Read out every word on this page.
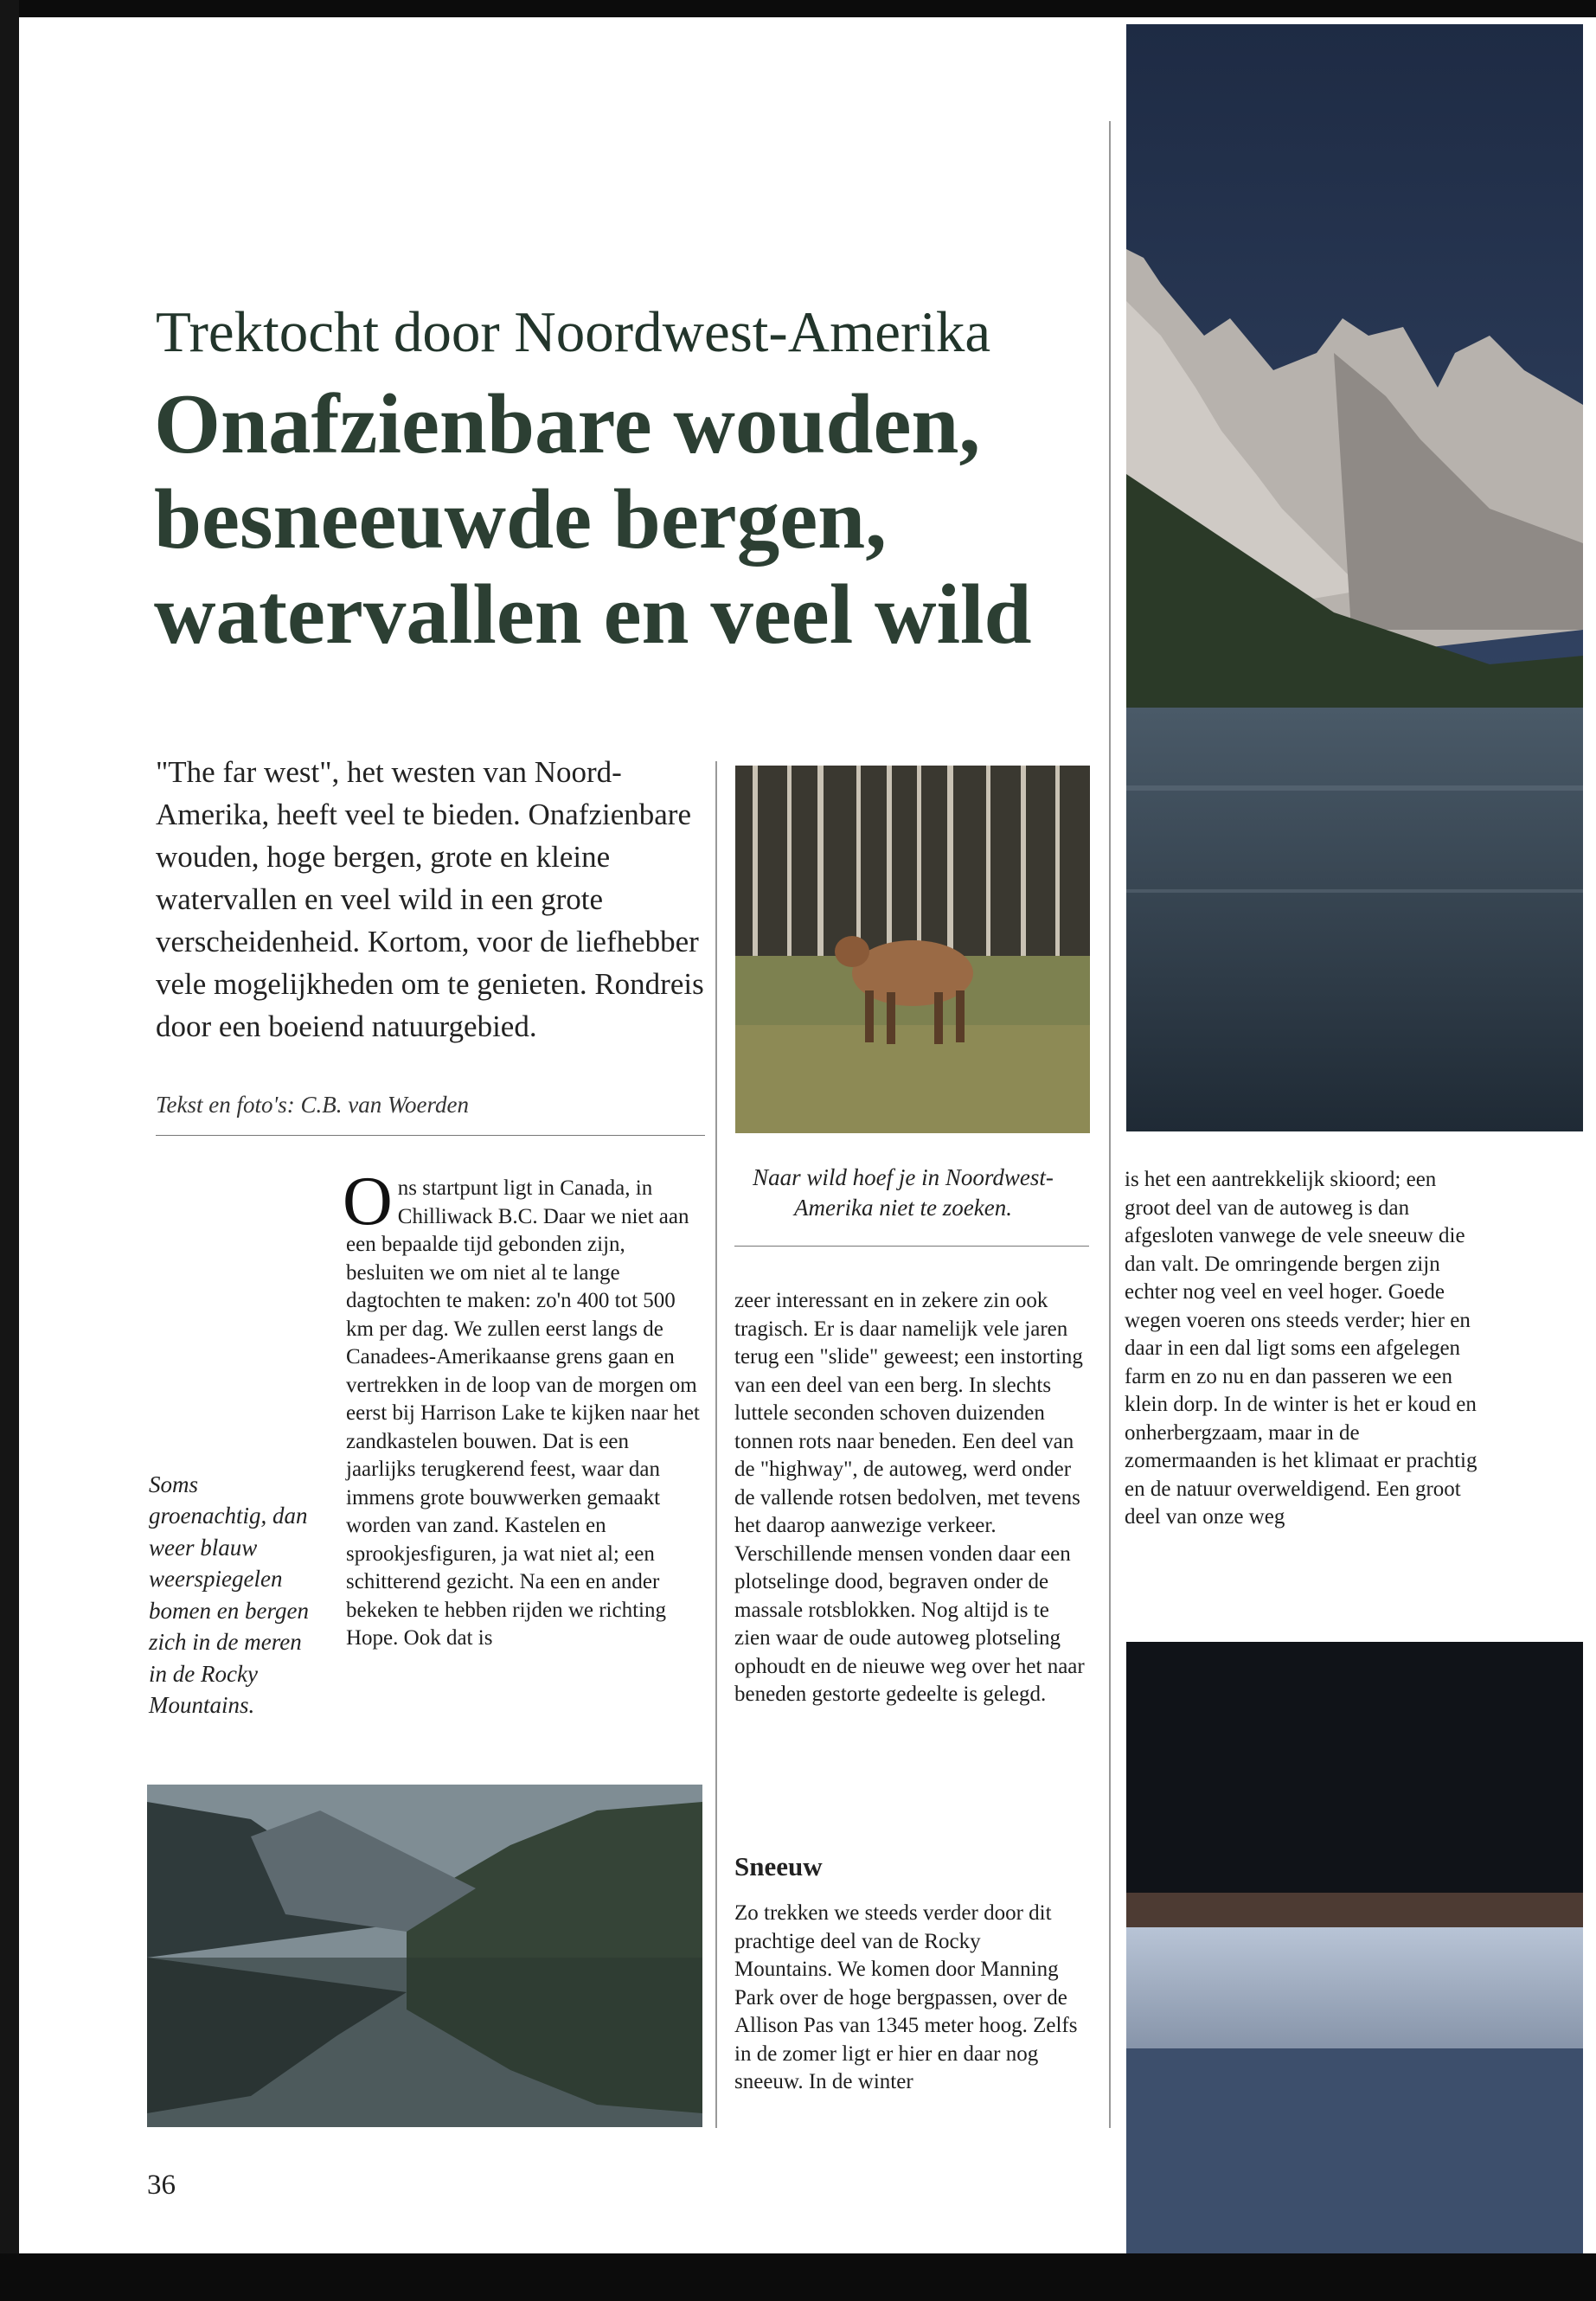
Trektocht door Noordwest-Amerika
Onafzienbare wouden,
besneeuwde bergen,
watervallen en veel wild

"The far west", het westen van Noord-Amerika, heeft veel te bieden. Onafzienbare wouden, hoge bergen, grote en kleine watervallen en veel wild in een grote verscheidenheid. Kortom, voor de liefhebber vele mogelijkheden om te genieten. Rondreis door een boeiend natuurgebied.

Tekst en foto's: C.B. van Woerden
Ons startpunt ligt in Canada, in Chilliwack B.C. Daar we niet aan een bepaalde tijd gebonden zijn, besluiten we om niet al te lange dagtochten te maken: zo'n 400 tot 500 km per dag. We zullen eerst langs de Canadees-Amerikaanse grens gaan en vertrekken in de loop van de morgen om eerst bij Harrison Lake te kijken naar het zandkastelen bouwen. Dat is een jaarlijks terugkerend feest, waar dan immens grote bouwwerken gemaakt worden van zand. Kastelen en sprookjesfiguren, ja wat niet al; een schitterend gezicht. Na een en ander bekeken te hebben rijden we richting Hope. Ook dat is
Soms groenachtig, dan weer blauw weerspiegelen bomen en bergen zich in de meren in de Rocky Mountains.
Naar wild hoef je in Noordwest-Amerika niet te zoeken.

zeer interessant en in zekere zin ook tragisch. Er is daar namelijk vele jaren terug een "slide" geweest; een instorting van een deel van een berg. In slechts luttele seconden schoven duizenden tonnen rots naar beneden. Een deel van de "highway", de autoweg, werd onder de vallende rotsen bedolven, met tevens het daarop aanwezige verkeer. Verschillende mensen vonden daar een plotselinge dood, begraven onder de massale rotsblokken. Nog altijd is te zien waar de oude autoweg plotseling ophoudt en de nieuwe weg over het naar beneden gestorte gedeelte is gelegd.

Sneeuw

Zo trekken we steeds verder door dit prachtige deel van de Rocky Mountains. We komen door Manning Park over de hoge bergpassen, over de Allison Pas van 1345 meter hoog. Zelfs in de zomer ligt er hier en daar nog sneeuw. In de winter

is het een aantrekkelijk skioord; een groot deel van de autoweg is dan afgesloten vanwege de vele sneeuw die dan valt. De omringende bergen zijn echter nog veel en veel hoger. Goede wegen voeren ons steeds verder; hier en daar in een dal ligt soms een afgelegen farm en zo nu en dan passeren we een klein dorp. In de winter is het er koud en onherbergzaam, maar in de zomermaanden is het klimaat er prachtig en de natuur overweldigend. Een groot deel van onze weg

36
